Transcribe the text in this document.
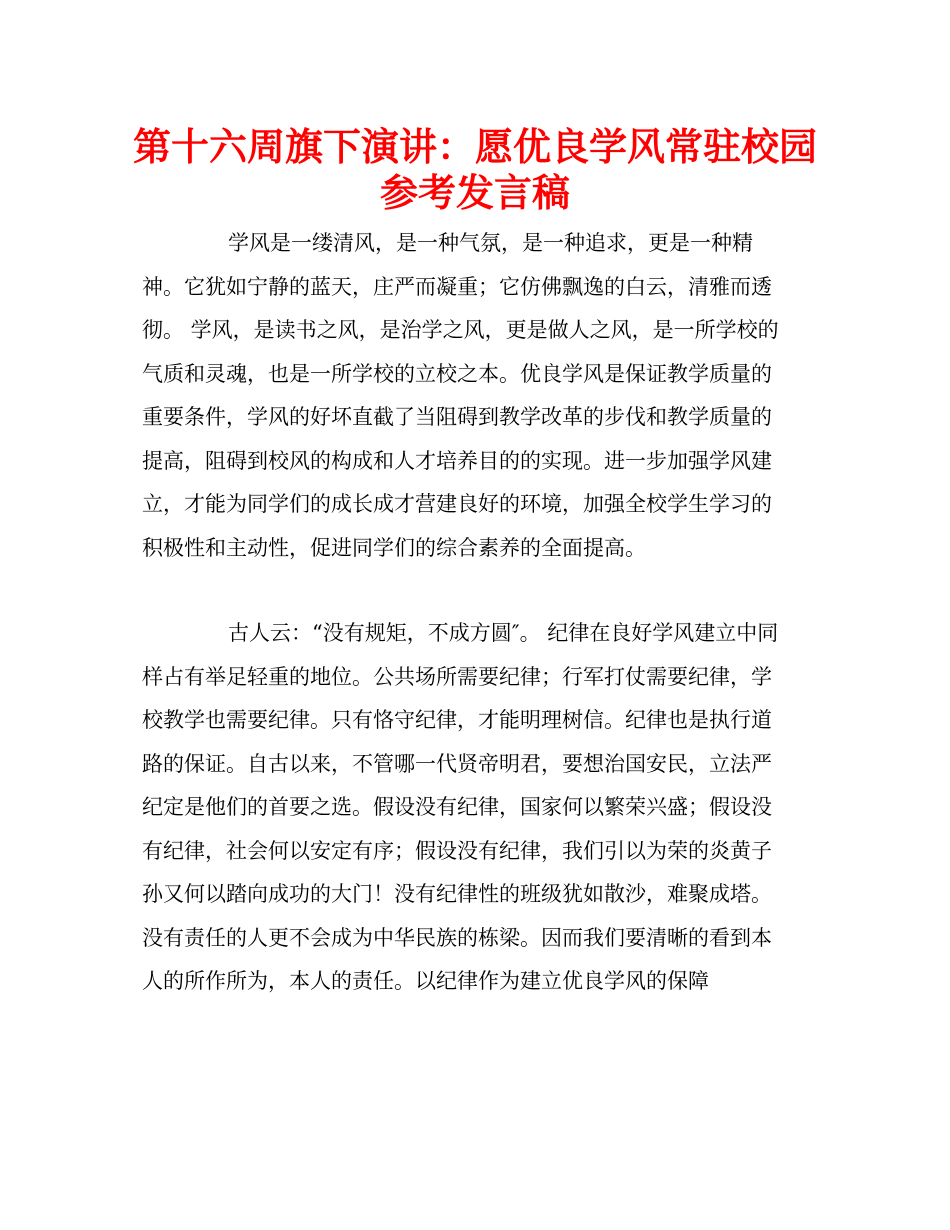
第十六周旗下演讲：愿优良学风常驻校园
参考发言稿

学风是一缕清风，是一种气氛，是一种追求，更是一种精
神。它犹如宁静的蓝天，庄严而凝重；它仿佛飘逸的白云，清雅而透
彻。 学风，是读书之风，是治学之风，更是做人之风，是一所学校的
气质和灵魂，也是一所学校的立校之本。优良学风是保证教学质量的
重要条件，学风的好坏直截了当阻碍到教学改革的步伐和教学质量的
提高，阻碍到校风的构成和人才培养目的的实现。进一步加强学风建
立，才能为同学们的成长成才营建良好的环境，加强全校学生学习的
积极性和主动性，促进同学们的综合素养的全面提高。

古人云：“没有规矩，不成方圆″。 纪律在良好学风建立中同
样占有举足轻重的地位。公共场所需要纪律；行军打仗需要纪律，学
校教学也需要纪律。只有恪守纪律，才能明理树信。纪律也是执行道
路的保证。自古以来，不管哪一代贤帝明君，要想治国安民，立法严
纪定是他们的首要之选。假设没有纪律，国家何以繁荣兴盛；假设没
有纪律，社会何以安定有序；假设没有纪律，我们引以为荣的炎黄子
孙又何以踏向成功的大门！没有纪律性的班级犹如散沙，难聚成塔。
没有责任的人更不会成为中华民族的栋梁。因而我们要清晰的看到本
人的所作所为，本人的责任。以纪律作为建立优良学风的保障
